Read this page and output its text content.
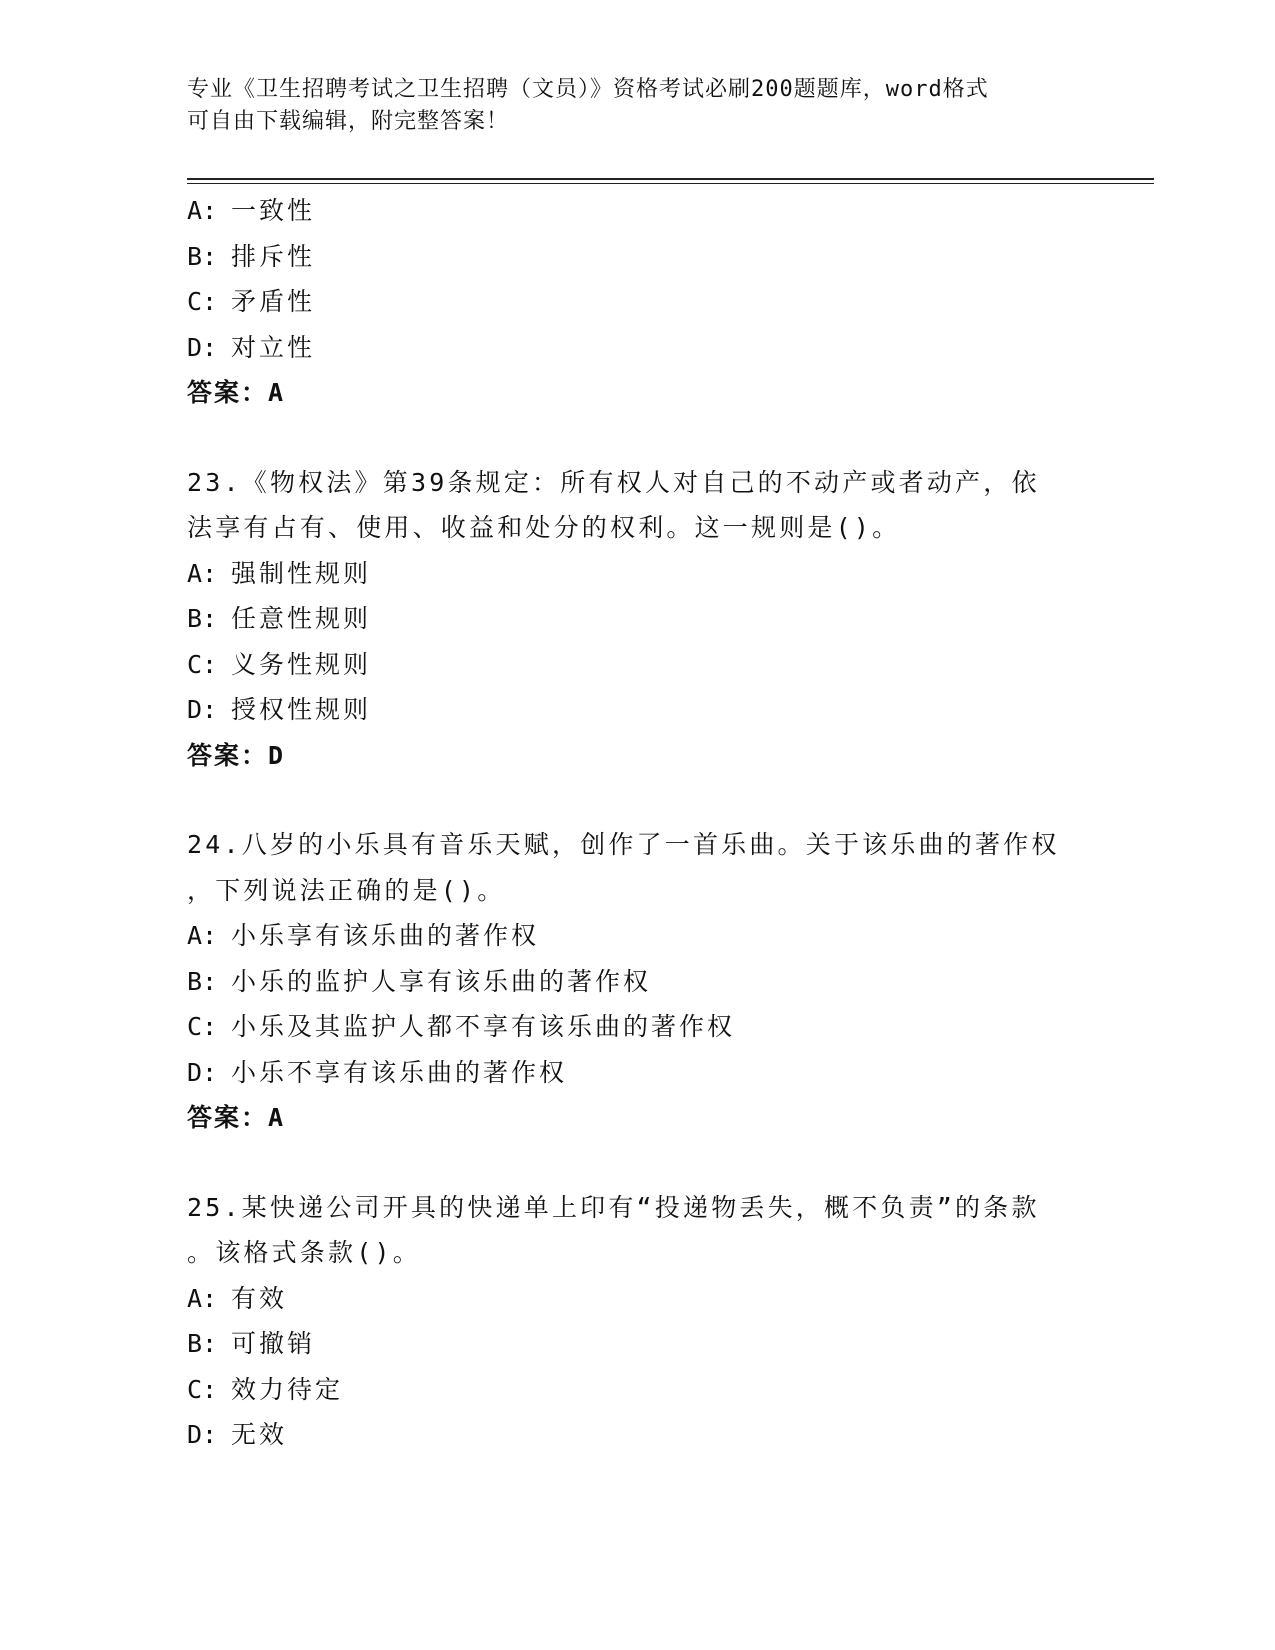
专业《卫生招聘考试之卫生招聘（文员）》资格考试必刷200题题库，word格式
可自由下载编辑，附完整答案！
A: 一致性
B: 排斥性
C: 矛盾性
D: 对立性
答案：A
23.《物权法》第39条规定：所有权人对自己的不动产或者动产，依
法享有占有、使用、收益和处分的权利。这一规则是()。
A: 强制性规则
B: 任意性规则
C: 义务性规则
D: 授权性规则
答案：D
24.八岁的小乐具有音乐天赋，创作了一首乐曲。关于该乐曲的著作权
，下列说法正确的是()。
A: 小乐享有该乐曲的著作权
B: 小乐的监护人享有该乐曲的著作权
C: 小乐及其监护人都不享有该乐曲的著作权
D: 小乐不享有该乐曲的著作权
答案：A
25.某快递公司开具的快递单上印有“投递物丢失，概不负责”的条款
。该格式条款()。
A: 有效
B: 可撤销
C: 效力待定
D: 无效
